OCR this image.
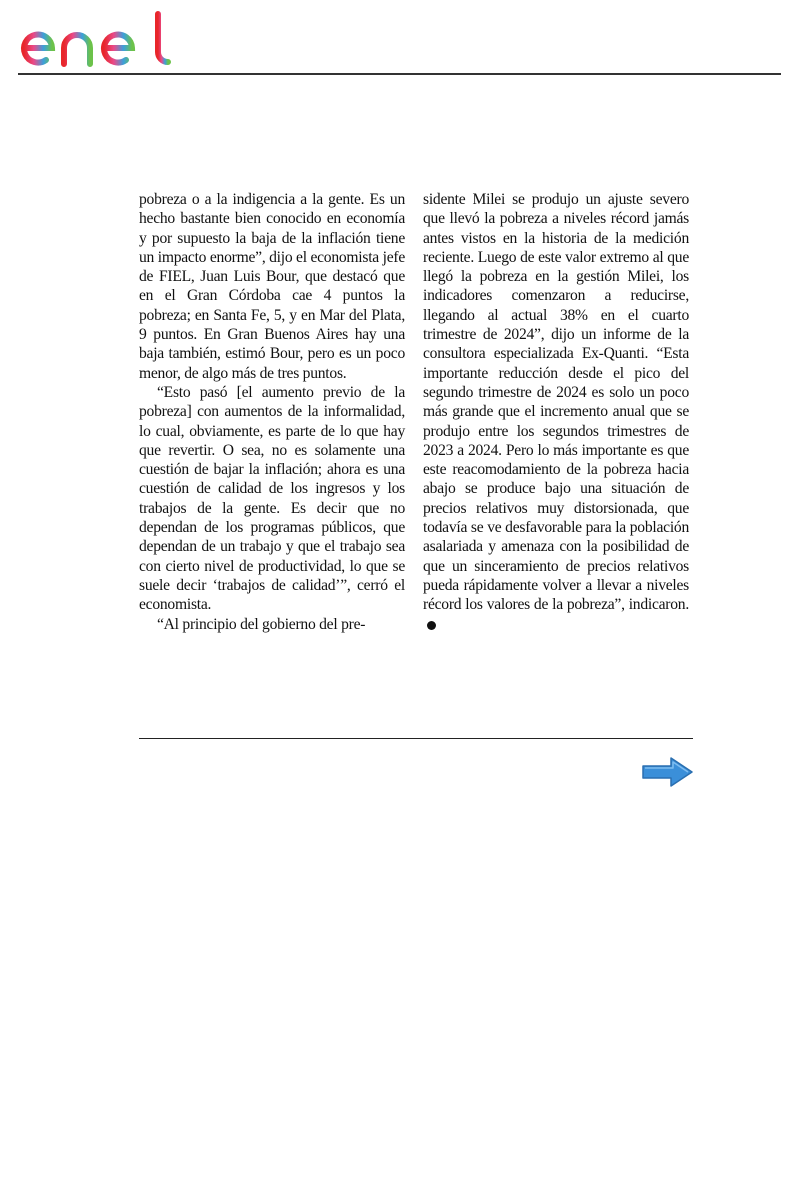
pobreza o a la indigencia a la gente. Es un hecho bastante bien conocido en economía y por supuesto la baja de la inflación tiene un impacto enorme”, dijo el economista jefe de FIEL, Juan Luis Bour, que destacó que en el Gran Córdoba cae 4 puntos la pobreza; en Santa Fe, 5, y en Mar del Plata, 9 puntos. En Gran Buenos Aires hay una baja también, estimó Bour, pero es un poco menor, de algo más de tres puntos.

“Esto pasó [el aumento previo de la pobreza] con aumentos de la informalidad, lo cual, obviamente, es parte de lo que hay que revertir. O sea, no es solamente una cuestión de bajar la inflación; ahora es una cuestión de calidad de los ingresos y los trabajos de la gente. Es decir que no dependan de los programas públicos, que dependan de un trabajo y que el trabajo sea con cierto nivel de productividad, lo que se suele decir ‘trabajos de calidad’”, cerró el economista.

“Al principio del gobierno del pre-

sidente Milei se produjo un ajuste severo que llevó la pobreza a niveles récord jamás antes vistos en la historia de la medición reciente. Luego de este valor extremo al que llegó la pobreza en la gestión Milei, los indicadores comenzaron a reducirse, llegando al actual 38% en el cuarto trimestre de 2024”, dijo un informe de la consultora especializada Ex-Quanti. “Esta importante reducción desde el pico del segundo trimestre de 2024 es solo un poco más grande que el incremento anual que se produjo entre los segundos trimestres de 2023 a 2024. Pero lo más importante es que este reacomodamiento de la pobreza hacia abajo se produce bajo una situación de precios relativos muy distorsionada, que todavía se ve desfavorable para la población asalariada y amenaza con la posibilidad de que un sinceramiento de precios relativos pueda rápidamente volver a llevar a niveles récord los valores de la pobreza”, indicaron.
